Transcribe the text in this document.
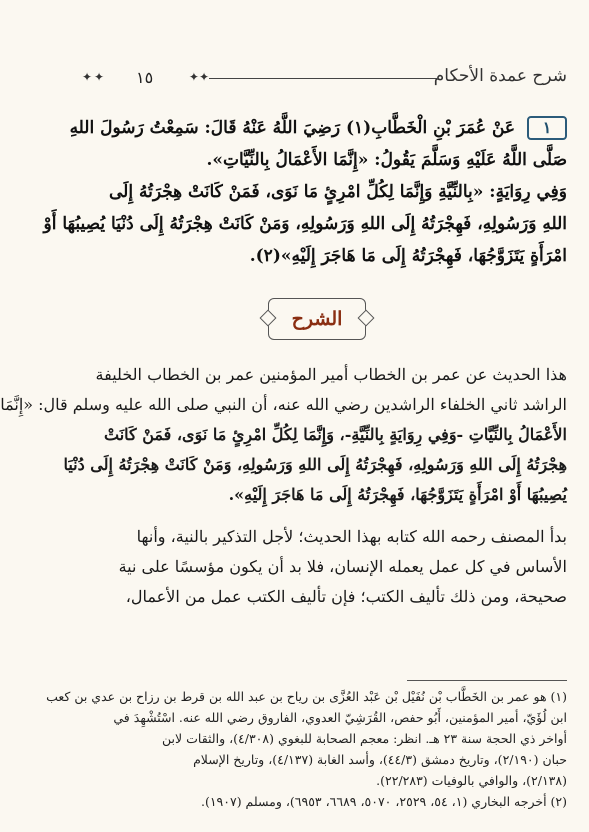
شرح عمدة الأحكام
✦✦
١٥
✦✦
١ عَنْ عُمَرَ بْنِ الْخَطَّابِ(١) رَضِيَ اللَّهُ عَنْهُ قَالَ: سَمِعْتُ رَسُولَ اللهِ
صَلَّى اللَّهُ عَلَيْهِ وَسَلَّمَ يَقُولُ: «إِنَّمَا الأَعْمَالُ بِالنِّيَّاتِ».
وَفِي رِوَايَةٍ: «بِالنِّيَّةِ وَإِنَّمَا لِكُلِّ امْرِئٍ مَا نَوَى، فَمَنْ كَانَتْ هِجْرَتُهُ إِلَى
اللهِ وَرَسُولِهِ، فَهِجْرَتُهُ إِلَى اللهِ وَرَسُولِهِ، وَمَنْ كَانَتْ هِجْرَتُهُ إِلَى دُنْيَا يُصِيبُهَا أَوْ
امْرَأَةٍ يَتَزَوَّجُهَا، فَهِجْرَتُهُ إِلَى مَا هَاجَرَ إِلَيْهِ»(٢).
الشرح
هذا الحديث عن عمر بن الخطاب أمير المؤمنين عمر بن الخطاب الخليفة
الراشد ثاني الخلفاء الراشدين رضي الله عنه، أن النبي صلى الله عليه وسلم قال: «إِنَّمَا
الأَعْمَالُ بِالنِّيَّاتِ -وَفِي رِوَايَةٍ بِالنِّيَّةِ-، وَإِنَّمَا لِكُلِّ امْرِئٍ مَا نَوَى، فَمَنْ كَانَتْ
هِجْرَتُهُ إِلَى اللهِ وَرَسُولِهِ، فَهِجْرَتُهُ إِلَى اللهِ وَرَسُولِهِ، وَمَنْ كَانَتْ هِجْرَتُهُ إِلَى دُنْيَا
يُصِيبُهَا أَوْ امْرَأَةٍ يَتَزَوَّجُهَا، فَهِجْرَتُهُ إِلَى مَا هَاجَرَ إِلَيْهِ».
بدأ المصنف رحمه الله كتابه بهذا الحديث؛ لأجل التذكير بالنية، وأنها
الأساس في كل عمل يعمله الإنسان، فلا بد أن يكون مؤسسًا على نية
صحيحة، ومن ذلك تأليف الكتب؛ فإن تأليف الكتب عمل من الأعمال،
(١) هو عمر بن الخَطَّاب بْن نُفَيْل بْن عَبْد العُزَّى بن رياح بن عبد الله بن قرط بن رزاح بن عدي بن كعب
ابن لُؤَيّ، أمير المؤمنين، أَبُو حفص، القُرَشِيّ العدوي، الفاروق رضي الله عنه. اسْتُشْهِدَ في
أواخر ذي الحجة سنة ٢٣ هـ. انظر: معجم الصحابة للبغوي (٤/٣٠٨)، والثقات لابن
حبان (٢/١٩٠)، وتاريخ دمشق (٤٤/٣)، وأسد الغابة (٤/١٣٧)، وتاريخ الإسلام
(٢/١٣٨)، والوافي بالوفيات (٢٢/٢٨٣).
(٢) أخرجه البخاري (١، ٥٤، ٢٥٢٩، ٥٠٧٠، ٦٦٨٩، ٦٩٥٣)، ومسلم (١٩٠٧).
